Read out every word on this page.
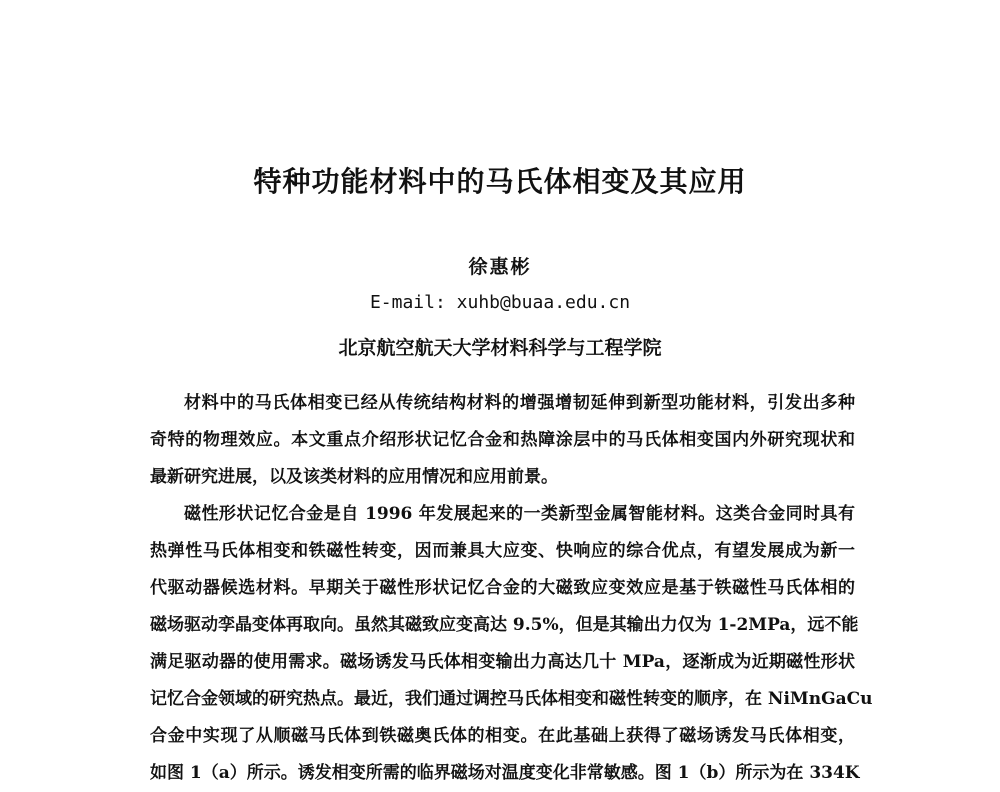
特种功能材料中的马氏体相变及其应用
徐惠彬
E-mail: xuhb@buaa.edu.cn
北京航空航天大学材料科学与工程学院
材料中的马氏体相变已经从传统结构材料的增强增韧延伸到新型功能材料，引发出多种
奇特的物理效应。本文重点介绍形状记忆合金和热障涂层中的马氏体相变国内外研究现状和
最新研究进展，以及该类材料的应用情况和应用前景。
磁性形状记忆合金是自 1996 年发展起来的一类新型金属智能材料。这类合金同时具有
热弹性马氏体相变和铁磁性转变，因而兼具大应变、快响应的综合优点，有望发展成为新一
代驱动器候选材料。早期关于磁性形状记忆合金的大磁致应变效应是基于铁磁性马氏体相的
磁场驱动孪晶变体再取向。虽然其磁致应变高达 9.5%，但是其输出力仅为 1-2MPa，远不能
满足驱动器的使用需求。磁场诱发马氏体相变输出力高达几十 MPa，逐渐成为近期磁性形状
记忆合金领域的研究热点。最近，我们通过调控马氏体相变和磁性转变的顺序，在 NiMnGaCu
合金中实现了从顺磁马氏体到铁磁奥氏体的相变。在此基础上获得了磁场诱发马氏体相变，
如图 1（a）所示。诱发相变所需的临界磁场对温度变化非常敏感。图 1（b）所示为在 334K
